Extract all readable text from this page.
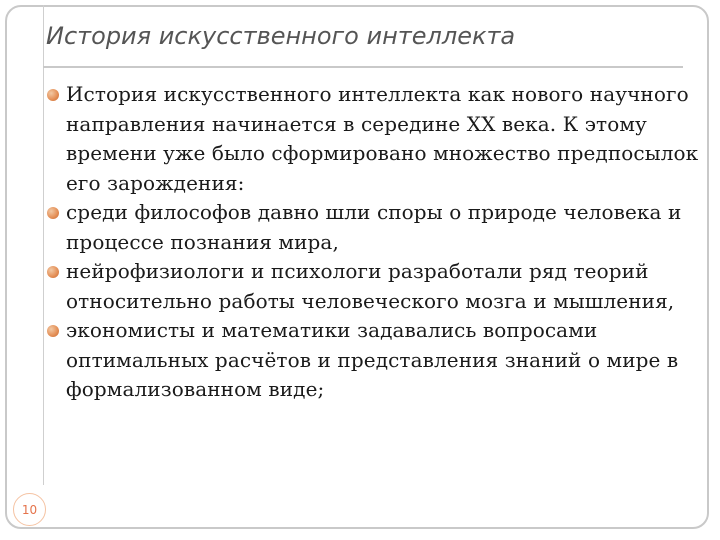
История искусственного интеллекта
История искусственного интеллекта как нового научного направления начинается в середине XX века. К этому времени уже было сформировано множество предпосылок его зарождения:
среди философов давно шли споры о природе человека и процессе познания мира,
нейрофизиологи и психологи разработали ряд теорий относительно работы человеческого мозга и мышления,
экономисты и математики задавались вопросами оптимальных расчётов и представления знаний о мире в формализованном виде;
10
